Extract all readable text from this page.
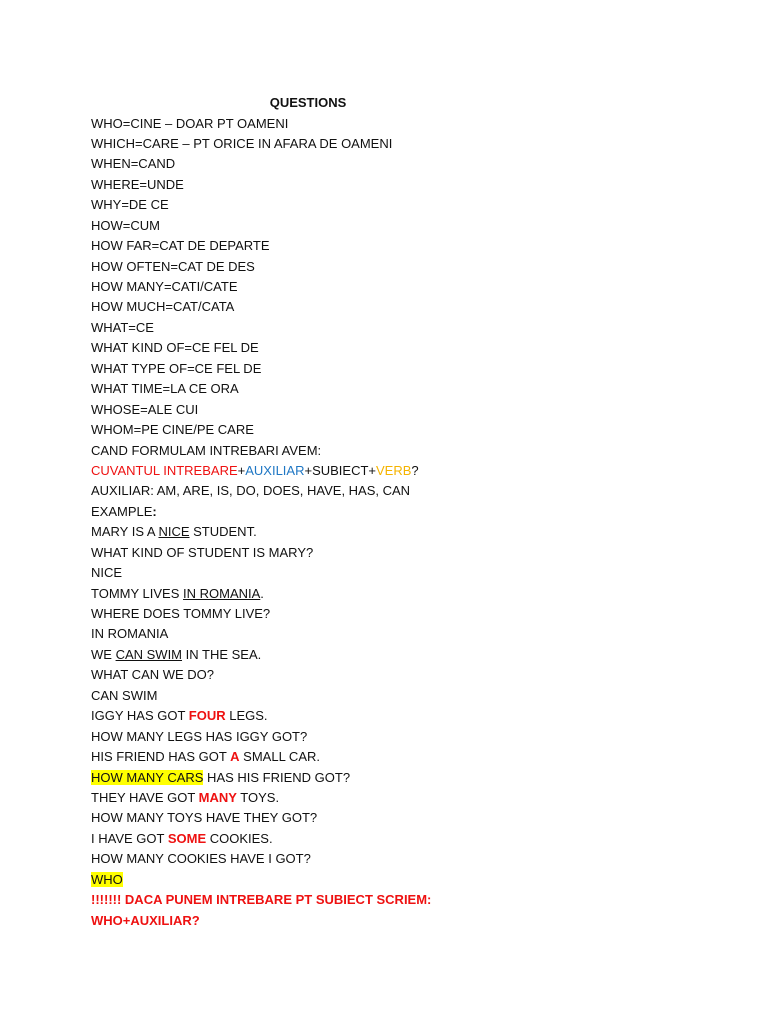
QUESTIONS
WHO=CINE – DOAR PT OAMENI
WHICH=CARE – PT ORICE IN AFARA DE OAMENI
WHEN=CAND
WHERE=UNDE
WHY=DE CE
HOW=CUM
HOW FAR=CAT DE DEPARTE
HOW OFTEN=CAT DE DES
HOW MANY=CATI/CATE
HOW MUCH=CAT/CATA
WHAT=CE
WHAT KIND OF=CE FEL DE
WHAT TYPE OF=CE FEL DE
WHAT TIME=LA CE ORA
WHOSE=ALE CUI
WHOM=PE CINE/PE CARE
CAND FORMULAM INTREBARI AVEM:
CUVANTUL INTREBARE+AUXILIAR+SUBIECT+VERB?
AUXILIAR: AM, ARE, IS, DO, DOES, HAVE, HAS, CAN
EXAMPLE:
MARY IS A NICE STUDENT.
WHAT KIND OF STUDENT IS MARY?
NICE
TOMMY LIVES IN ROMANIA.
WHERE DOES TOMMY LIVE?
IN ROMANIA
WE CAN SWIM IN THE SEA.
WHAT CAN WE DO?
CAN SWIM
IGGY HAS GOT FOUR LEGS.
HOW MANY LEGS HAS IGGY GOT?
HIS FRIEND HAS GOT A SMALL CAR.
HOW MANY CARS HAS HIS FRIEND GOT?
THEY HAVE GOT MANY TOYS.
HOW MANY TOYS HAVE THEY GOT?
I HAVE GOT SOME COOKIES.
HOW MANY COOKIES HAVE I GOT?
WHO
!!!!!!! DACA PUNEM INTREBARE PT SUBIECT SCRIEM:
WHO+AUXILIAR?
